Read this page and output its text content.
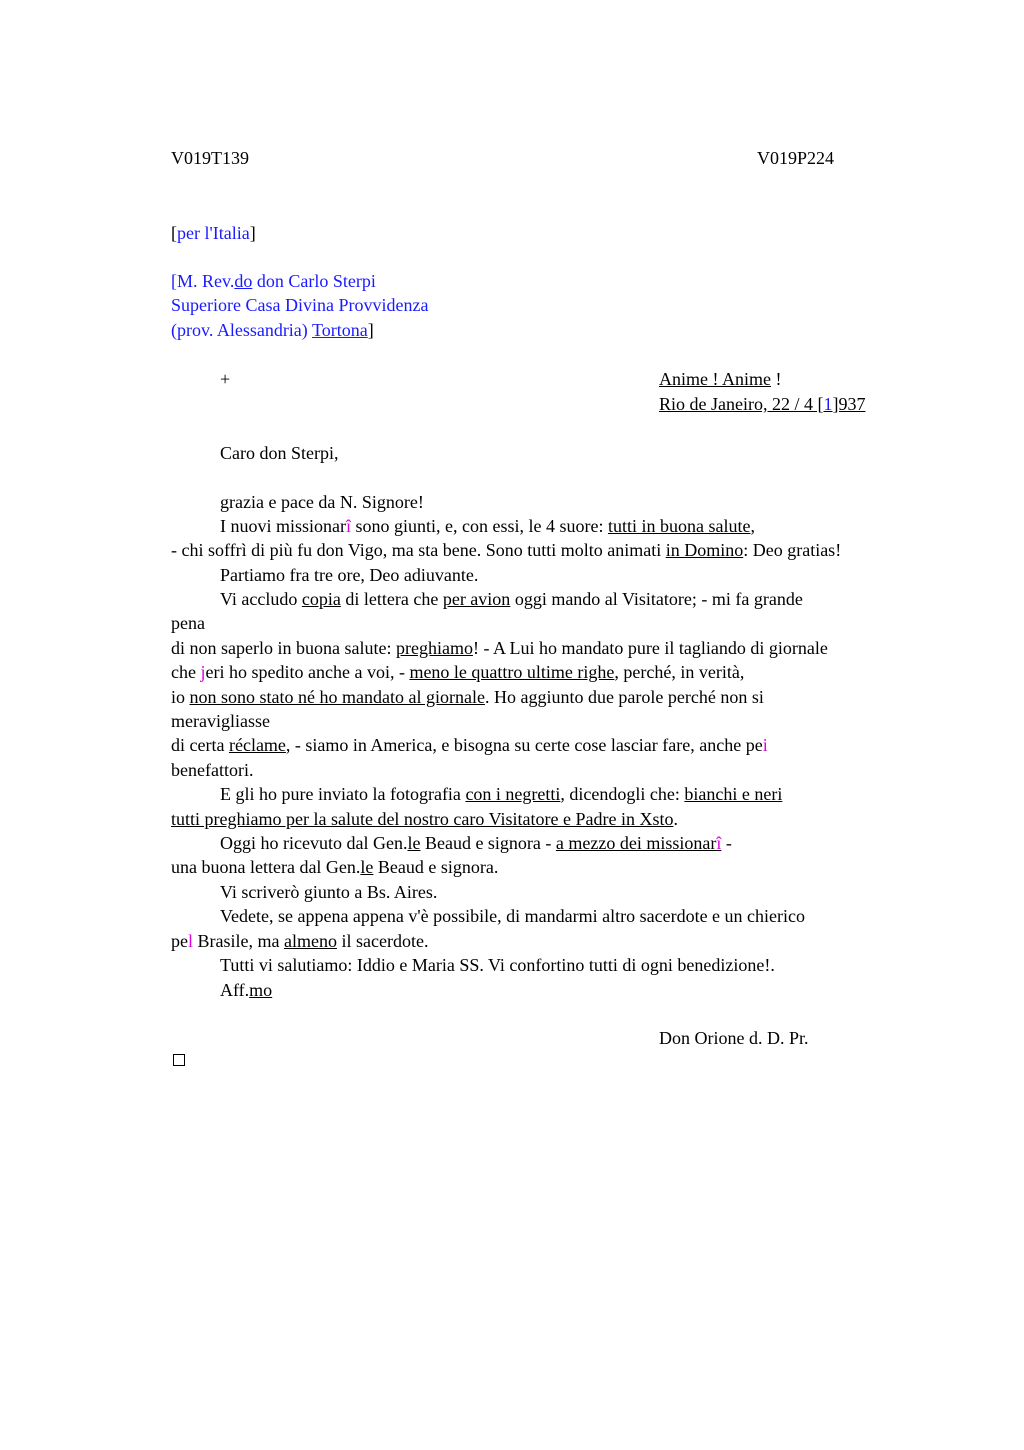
V019T139	V019P224
[per l'Italia]
[M. Rev.do don Carlo Sterpi
Superiore Casa Divina Provvidenza
(prov. Alessandria) Tortona]
+	Anime ! Anime !
Rio de Janeiro, 22 / 4 [1]937
Caro don Sterpi,
grazia e pace da N. Signore!
I nuovi missionarî sono giunti, e, con essi, le 4 suore: tutti in buona salute,
- chi soffrì di più fu don Vigo, ma sta bene. Sono tutti molto animati in Domino: Deo gratias!
Partiamo fra tre ore, Deo adiuvante.
Vi accludo copia di lettera che per avion oggi mando al Visitatore; - mi fa grande
pena
di non saperlo in buona salute: preghiamo! - A Lui ho mandato pure il tagliando di giornale
che jeri ho spedito anche a voi, - meno le quattro ultime righe, perché, in verità,
io non sono stato né ho mandato al giornale. Ho aggiunto due parole perché non si
meravigliasse
di certa réclame, - siamo in America, e bisogna su certe cose lasciar fare, anche pei
benefattori.
E gli ho pure inviato la fotografia con i negretti, dicendogli che: bianchi e neri
tutti preghiamo per la salute del nostro caro Visitatore e Padre in Xsto.
Oggi ho ricevuto dal Gen.le Beaud e signora - a mezzo dei missionarî -
una buona lettera dal Gen.le Beaud e signora.
Vi scriverò giunto a Bs. Aires.
Vedete, se appena appena v'è possibile, di mandarmi altro sacerdote e un chierico
pel Brasile, ma almeno il sacerdote.
Tutti vi salutiamo: Iddio e Maria SS. Vi confortino tutti di ogni benedizione!.
Aff.mo
Don Orione d. D. Pr.
